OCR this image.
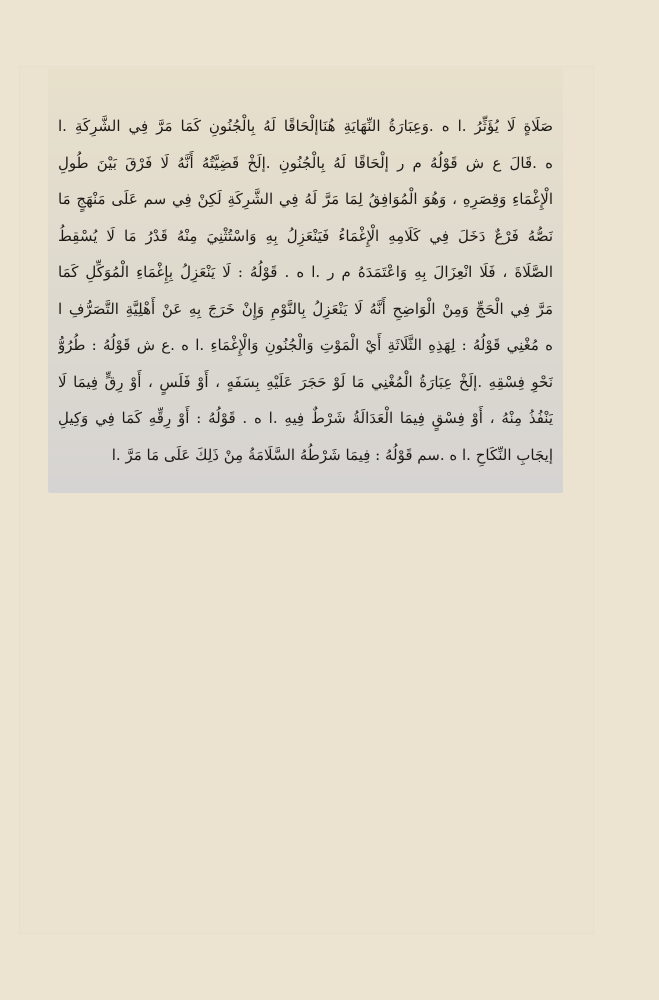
صَلَاةٍ لَا يُؤَثِّرُ .ا ه .وَعِبَارَةُ النِّهَايَةِ هُنَاإلْحَاقًا لَهُ بِالْجُنُونِ كَمَا مَرَّ فِي الشَّرِكَةِ .ا
ه .قَالَ ع ش قَوْلُهُ م ر إلْحَاقًا لَهُ بِالْجُنُونِ .إلَخْ قَضِيَّتُهُ أَنَّهُ لَا فَرْقَ بَيْنَ طُولِ
الْإِغْمَاءِ وَقِصَرِهِ ، وَهُوَ الْمُوَافِقُ لِمَا مَرَّ لَهُ فِي الشَّرِكَةِ لَكِنْ فِي سم عَلَى مَنْهَجٍ مَا
نَصُّهُ فَرْعٌ دَخَلَ فِي كَلَامِهِ الْإِغْمَاءُ فَيَنْعَزِلُ بِهِ وَاسْتُثْنِيَ مِنْهُ قَدْرُ مَا لَا يُسْقِطُ
الصَّلَاةَ ، فَلَا انْعِزَالَ بِهِ وَاعْتَمَدَهُ م ر .ا ه . قَوْلُهُ : لَا يَنْعَزِلُ بِإِغْمَاءِ الْمُوَكِّلِ كَمَا
مَرَّ فِي الْحَجِّ وَمِنْ الْوَاضِحِ أَنَّهُ لَا يَنْعَزِلُ بِالنَّوْمِ وَإِنْ خَرَجَ بِهِ عَنْ أَهْلِيَّةِ التَّصَرُّفِ ا
ه مُغْنِي قَوْلُهُ : لِهَذِهِ الثَّلَاثَةِ أَيْ الْمَوْتِ وَالْجُنُونِ وَالْإِغْمَاءِ .ا ه .ع ش قَوْلُهُ : طُرُوُّ
نَحْوِ فِسْقِهِ .إلَخْ عِبَارَةُ الْمُغْنِي مَا لَوْ حَجَرَ عَلَيْهِ بِسَفَهٍ ، أَوْ فَلَسٍ ، أَوْ رِقٍّ فِيمَا لَا
يَنْفُذُ مِنْهُ ، أَوْ فِسْقٍ فِيمَا الْعَدَالَةُ شَرْطٌ فِيهِ .ا ه . قَوْلُهُ : أَوْ رِقِّهِ كَمَا فِي وَكِيلِ
إيجَابِ النِّكَاحِ .ا ه .سم قَوْلُهُ : فِيمَا شَرْطُهُ السَّلَامَةُ مِنْ ذَلِكَ عَلَى مَا مَرَّ .ا
